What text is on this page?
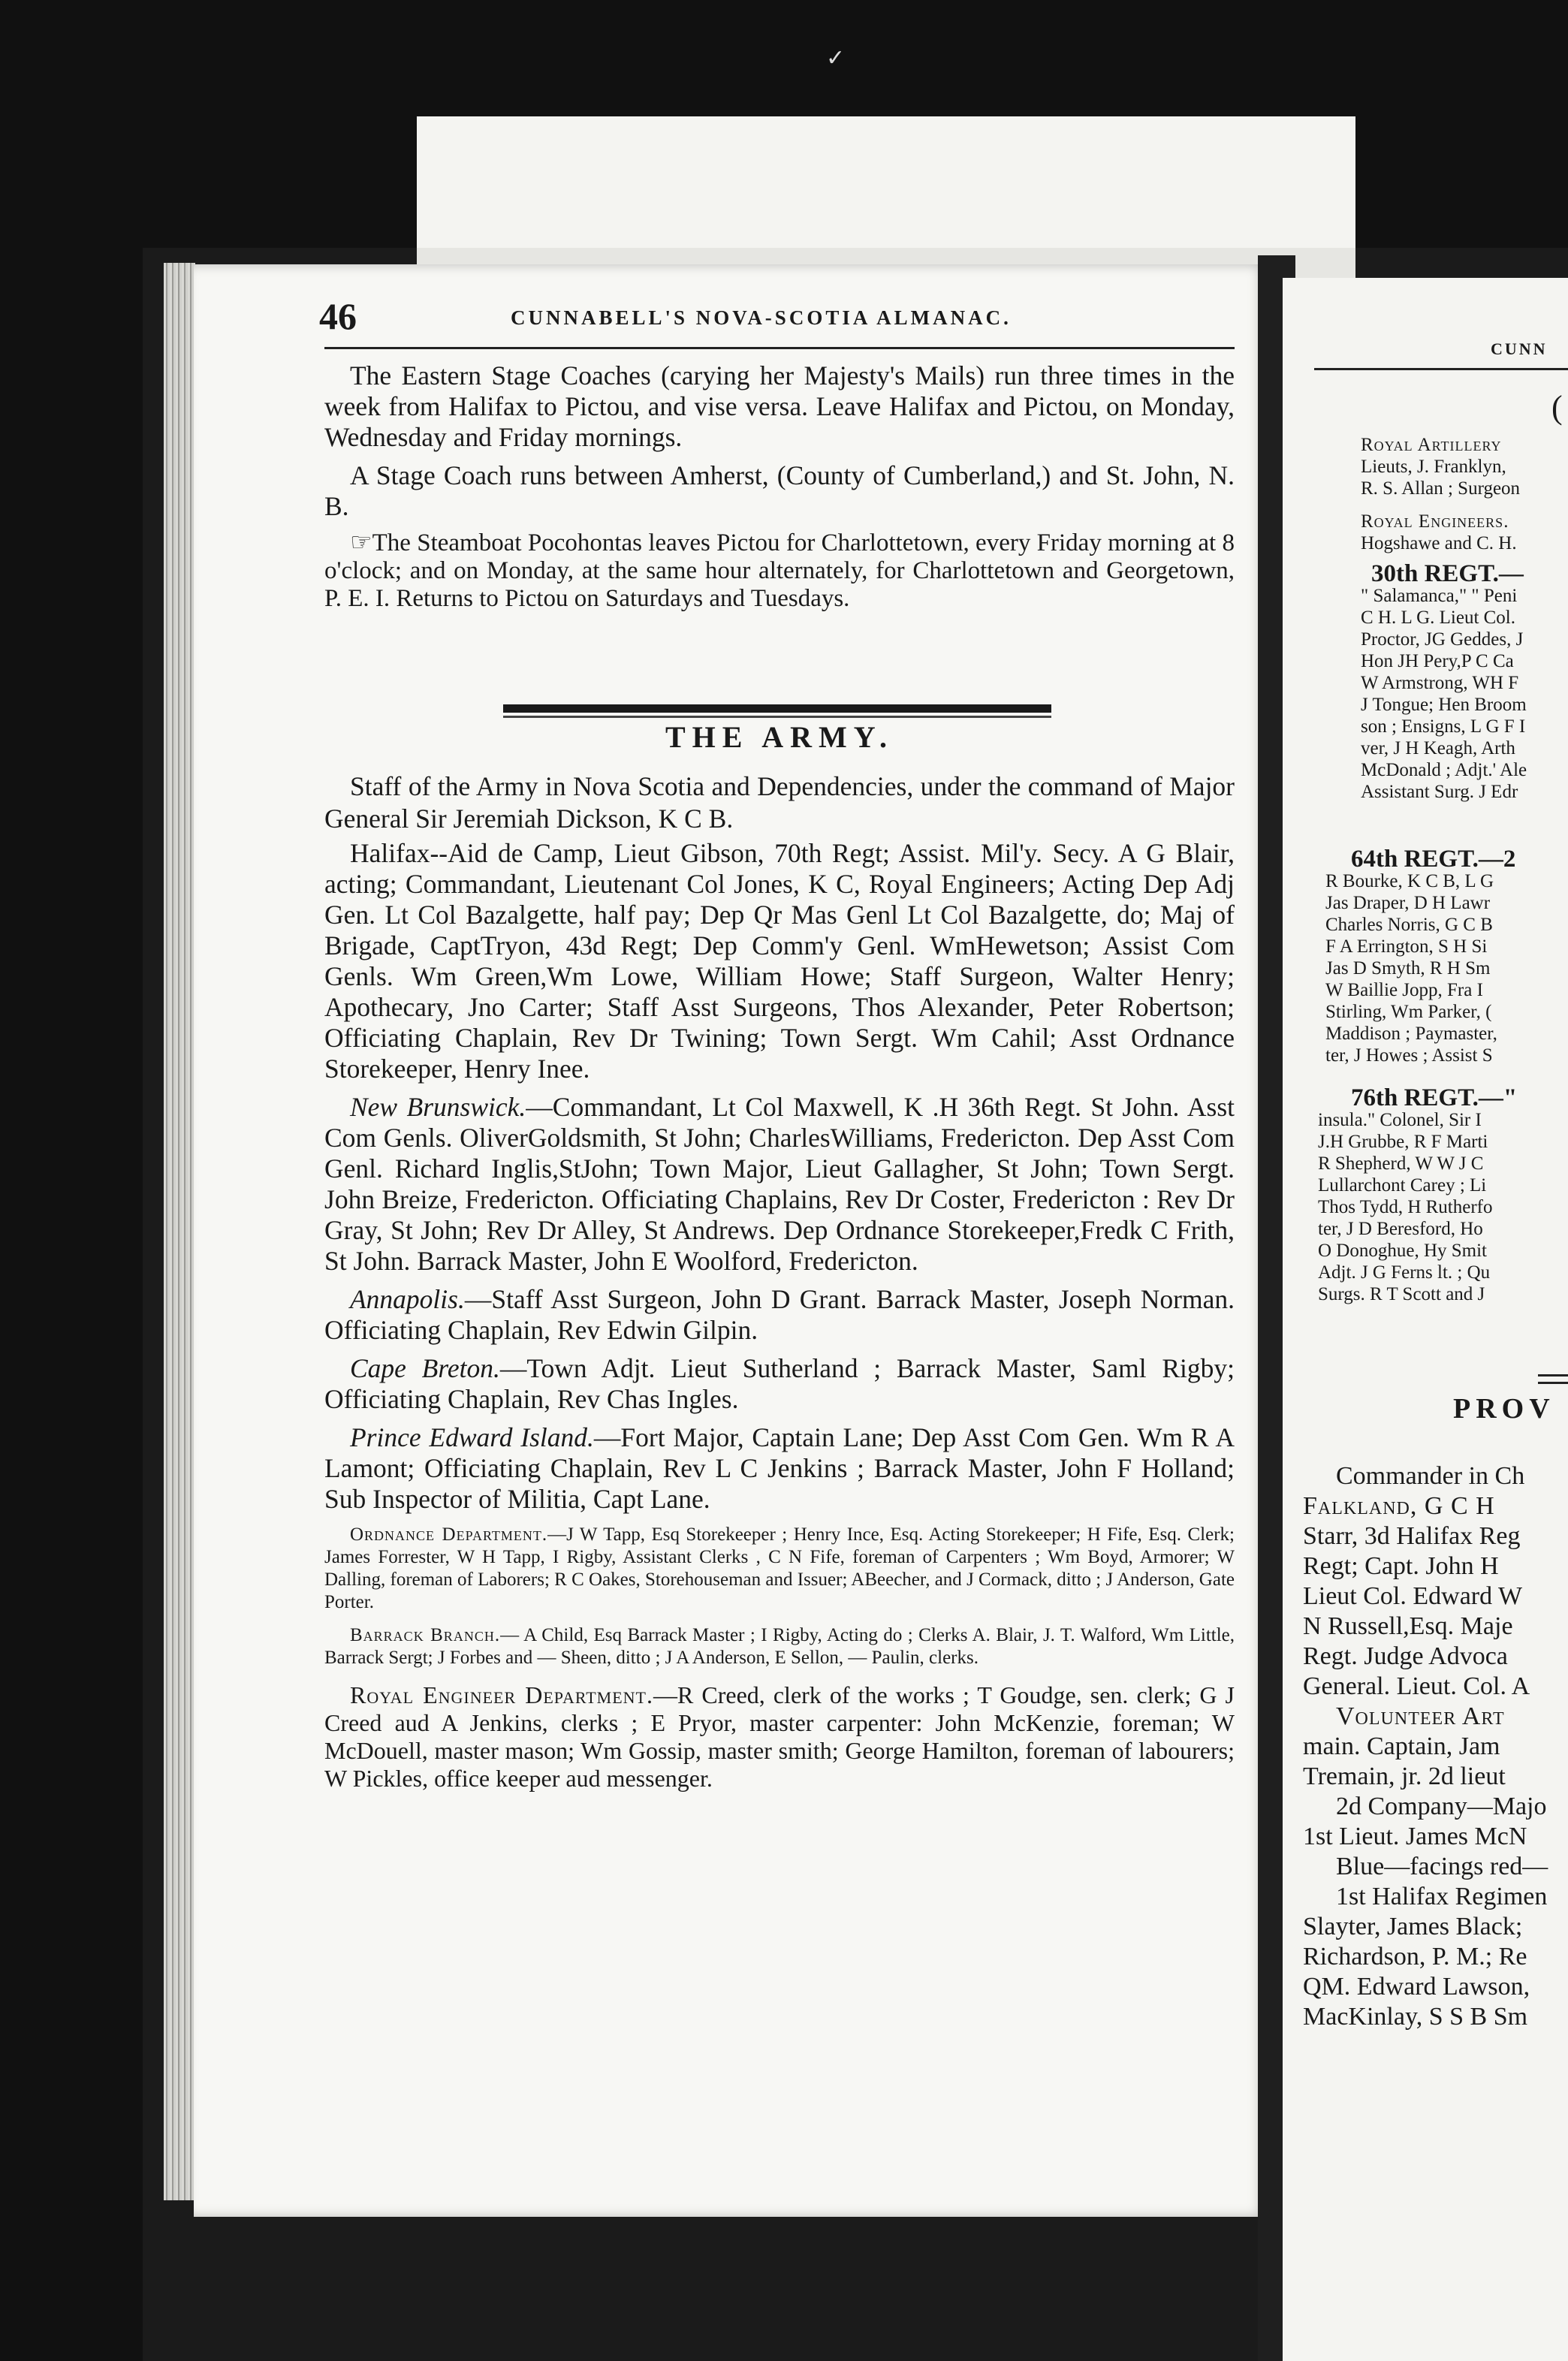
✓
46	CUNNABELL'S NOVA-SCOTIA ALMANAC.

The Eastern Stage Coaches (carying her Majesty's Mails) run three times in the week from Halifax to Pictou, and vise versa. Leave Halifax and Pictou, on Monday, Wednesday and Friday mornings.

A Stage Coach runs between Amherst, (County of Cumberland,) and St. John, N. B.

☞The Steamboat Pocohontas leaves Pictou for Charlottetown, every Friday morning at 8 o'clock; and on Monday, at the same hour alternately, for Charlottetown and Georgetown, P. E. I. Returns to Pictou on Saturdays and Tuesdays.

THE ARMY.

Staff of the Army in Nova Scotia and Dependencies, under the command of Major General Sir Jeremiah Dickson, K C B.

Halifax--Aid de Camp, Lieut Gibson, 70th Regt; Assist. Mil'y. Secy. A G Blair, acting; Commandant, Lieutenant Col Jones, K C, Royal Engineers; Acting Dep Adj Gen. Lt Col Bazalgette, half pay; Dep Qr Mas Genl Lt Col Bazalgette, do; Maj of Brigade, CaptTryon, 43d Regt; Dep Comm'y Genl. WmHewetson; Assist Com Genls. Wm Green,Wm Lowe, William Howe; Staff Surgeon, Walter Henry; Apothecary, Jno Carter; Staff Asst Surgeons, Thos Alexander, Peter Robertson; Officiating Chaplain, Rev Dr Twining; Town Sergt. Wm Cahil; Asst Ordnance Storekeeper, Henry Inee.

New Brunswick.—Commandant, Lt Col Maxwell, K .H 36th Regt. St John. Asst Com Genls. OliverGoldsmith, St John; CharlesWilliams, Fredericton. Dep Asst Com Genl. Richard Inglis,StJohn; Town Major, Lieut Gallagher, St John; Town Sergt. John Breize, Fredericton. Officiating Chaplains, Rev Dr Coster, Fredericton : Rev Dr Gray, St John; Rev Dr Alley, St Andrews. Dep Ordnance Storekeeper,Fredk C Frith, St John. Barrack Master, John E Woolford, Fredericton.

Annapolis.—Staff Asst Surgeon, John D Grant. Barrack Master, Joseph Norman. Officiating Chaplain, Rev Edwin Gilpin.

Cape Breton.—Town Adjt. Lieut Sutherland ; Barrack Master, Saml Rigby; Officiating Chaplain, Rev Chas Ingles.

Prince Edward Island.—Fort Major, Captain Lane; Dep Asst Com Gen. Wm R A Lamont; Officiating Chaplain, Rev L C Jenkins ; Barrack Master, John F Holland; Sub Inspector of Militia, Capt Lane.

Ordnance Department.—J W Tapp, Esq Storekeeper ; Henry Ince, Esq. Acting Storekeeper; H Fife, Esq. Clerk; James Forrester, W H Tapp, I Rigby, Assistant Clerks , C N Fife, foreman of Carpenters ; Wm Boyd, Armorer; W Dalling, foreman of Laborers; R C Oakes, Storehouseman and Issuer; ABeecher, and J Cormack, ditto ; J Anderson, Gate Porter.

Barrack Branch.— A Child, Esq Barrack Master ; I Rigby, Acting do ; Clerks A. Blair, J. T. Walford, Wm Little, Barrack Sergt; J Forbes and — Sheen, ditto ; J A Anderson, E Sellon, — Paulin, clerks.

Royal Engineer Department.—R Creed, clerk of the works ; T Goudge, sen. clerk; G J Creed aud A Jenkins, clerks ; E Pryor, master carpenter: John McKenzie, foreman; W McDouell, master mason; Wm Gossip, master smith; George Hamilton, foreman of labourers; W Pickles, office keeper aud messenger.

CUNN
(
Royal Artillery
Lieuts, J. Franklyn,
R. S. Allan ; Surgeon
Royal Engineers.
Hogshawe and C. H.
30th REGT.—
" Salamanca," " Peni
C H. L G. Lieut Col.
Proctor, JG Geddes, J
Hon JH Pery,P C Ca
W Armstrong, WH F
J Tongue; Hen Broom
son ; Ensigns, L G F I
ver, J H Keagh, Arth
McDonald ; Adjt.' Ale
Assistant Surg. J Edr
64th REGT.—2
R Bourke, K C B, L G
Jas Draper, D H Lawr
Charles Norris, G C B
F A Errington, S H Si
Jas D Smyth, R H Sm
W Baillie Jopp, Fra I
Stirling, Wm Parker, (
Maddison ; Paymaster,
ter, J Howes ; Assist S
76th REGT.—"
insula." Colonel, Sir I
J.H Grubbe, R F Marti
R Shepherd, W W J C
Lullarchont Carey ; Li
Thos Tydd, H Rutherfo
ter, J D Beresford, Ho
O Donoghue, Hy Smit
Adjt. J G Ferns lt. ; Qu
Surgs. R T Scott and J
PROV
Commander in Ch
Falkland, G C H
Starr, 3d Halifax Reg
Regt; Capt. John H
Lieut Col. Edward W
N Russell,Esq. Maje
Regt. Judge Advoca
General. Lieut. Col. A
Volunteer Art
main. Captain, Jam
Tremain, jr. 2d lieut
2d Company—Majo
1st Lieut. James McN
Blue—facings red—
1st Halifax Regimen
Slayter, James Black;
Richardson, P. M.; Re
QM. Edward Lawson,
MacKinlay, S S B Sm
